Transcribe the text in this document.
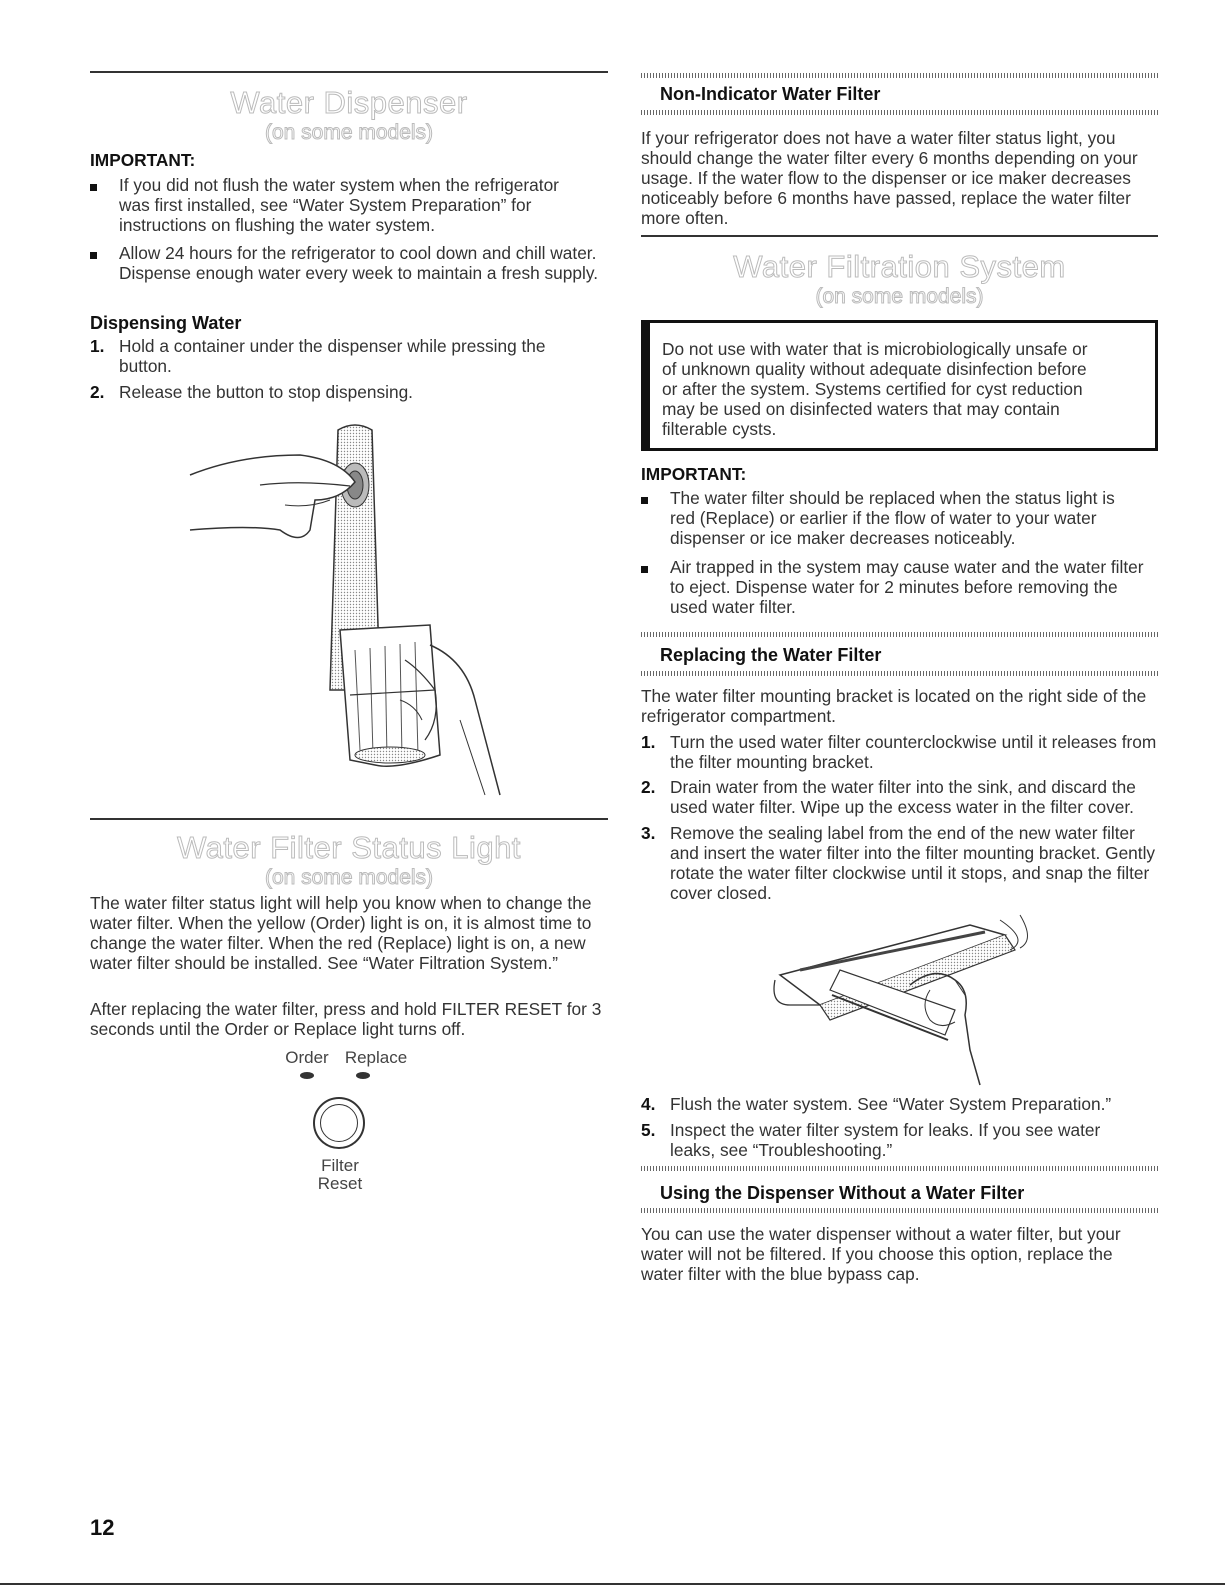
Water Dispenser
(on some models)
IMPORTANT:
If you did not flush the water system when the refrigerator was first installed, see “Water System Preparation” for instructions on flushing the water system.
Allow 24 hours for the refrigerator to cool down and chill water. Dispense enough water every week to maintain a fresh supply.
Dispensing Water
1. Hold a container under the dispenser while pressing the button.
2. Release the button to stop dispensing.
Water Filter Status Light
(on some models)
The water filter status light will help you know when to change the water filter. When the yellow (Order) light is on, it is almost time to change the water filter. When the red (Replace) light is on, a new water filter should be installed. See “Water Filtration System.”
After replacing the water filter, press and hold FILTER RESET for 3 seconds until the Order or Replace light turns off.
Order Replace
Filter
Reset
12
Non-Indicator Water Filter
If your refrigerator does not have a water filter status light, you should change the water filter every 6 months depending on your usage. If the water flow to the dispenser or ice maker decreases noticeably before 6 months have passed, replace the water filter more often.
Water Filtration System
(on some models)
Do not use with water that is microbiologically unsafe or of unknown quality without adequate disinfection before or after the system. Systems certified for cyst reduction may be used on disinfected waters that may contain filterable cysts.
IMPORTANT:
The water filter should be replaced when the status light is red (Replace) or earlier if the flow of water to your water dispenser or ice maker decreases noticeably.
Air trapped in the system may cause water and the water filter to eject. Dispense water for 2 minutes before removing the used water filter.
Replacing the Water Filter
The water filter mounting bracket is located on the right side of the refrigerator compartment.
1. Turn the used water filter counterclockwise until it releases from the filter mounting bracket.
2. Drain water from the water filter into the sink, and discard the used water filter. Wipe up the excess water in the filter cover.
3. Remove the sealing label from the end of the new water filter and insert the water filter into the filter mounting bracket. Gently rotate the water filter clockwise until it stops, and snap the filter cover closed.
4. Flush the water system. See “Water System Preparation.”
5. Inspect the water filter system for leaks. If you see water leaks, see “Troubleshooting.”
Using the Dispenser Without a Water Filter
You can use the water dispenser without a water filter, but your water will not be filtered. If you choose this option, replace the water filter with the blue bypass cap.
